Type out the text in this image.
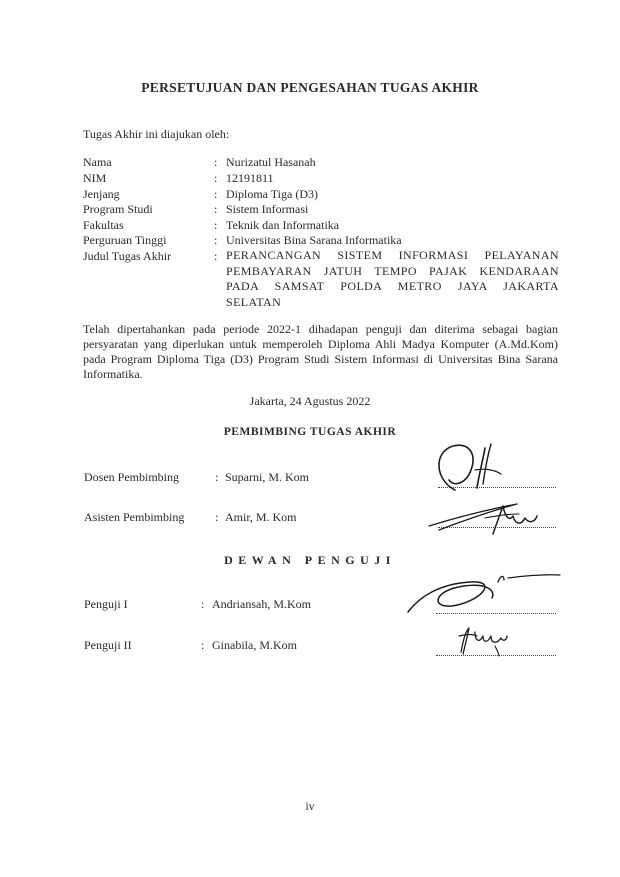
PERSETUJUAN DAN PENGESAHAN TUGAS AKHIR
Tugas Akhir ini diajukan oleh:
Nama	: Nurizatul Hasanah
NIM	: 12191811
Jenjang	: Diploma Tiga (D3)
Program Studi	: Sistem Informasi
Fakultas	: Teknik dan Informatika
Perguruan Tinggi	: Universitas Bina Sarana Informatika
Judul Tugas Akhir	: PERANCANGAN SISTEM INFORMASI PELAYANAN
PEMBAYARAN JATUH TEMPO PAJAK KENDARAAN
PADA SAMSAT POLDA METRO JAYA JAKARTA
SELATAN
Telah dipertahankan pada periode 2022-1 dihadapan penguji dan diterima sebagai bagian persyaratan yang diperlukan untuk memperoleh Diploma Ahli Madya Komputer (A.Md.Kom) pada Program Diploma Tiga (D3) Program Studi Sistem Informasi di Universitas Bina Sarana Informatika.
Jakarta, 24 Agustus 2022
PEMBIMBING TUGAS AKHIR
Dosen Pembimbing	: Suparni, M. Kom
Asisten Pembimbing	: Amir, M. Kom
DEWAN PENGUJI
Penguji I	: Andriansah, M.Kom
Penguji II	: Ginabila, M.Kom
iv
